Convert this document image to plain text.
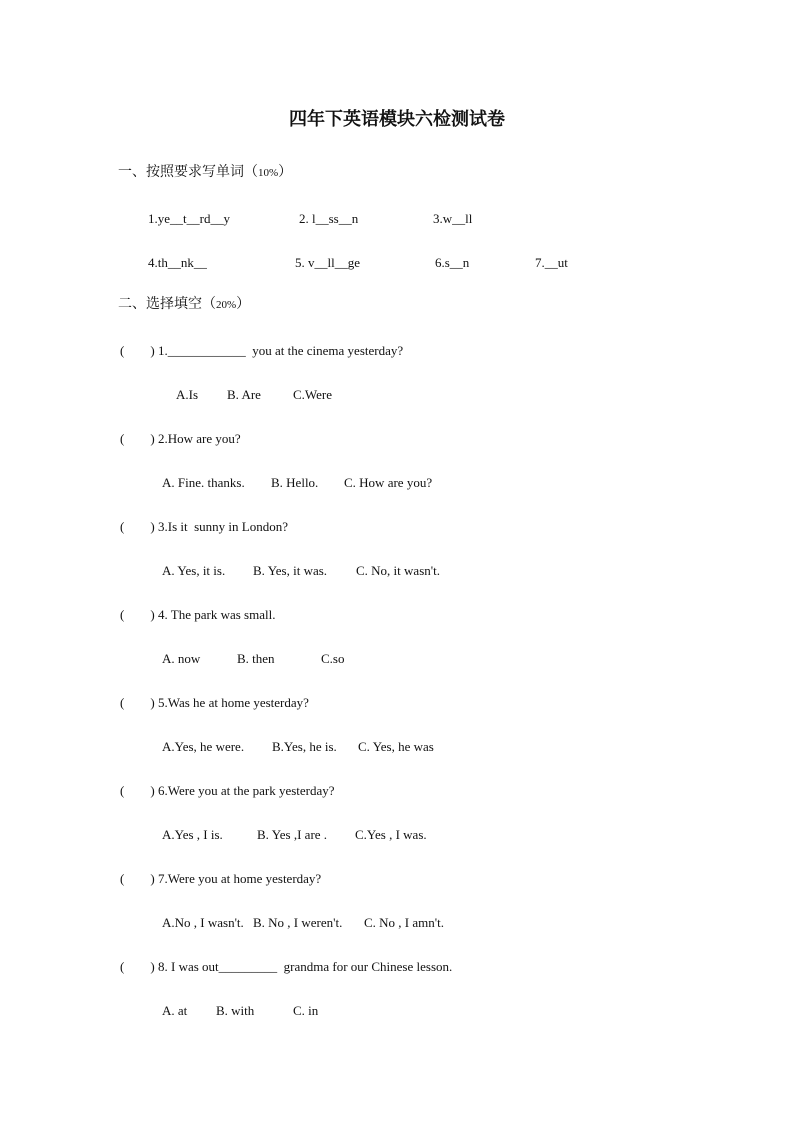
四年下英语模块六检测试卷
一、按照要求写单词（10%）
1.ye__t__rd__y	2. l__ss__n	3.w__ll
4.th__nk__	5. v__ll__ge	6.s__n	7.__ut
二、选择填空（20%）
(        ) 1.____________  you at the cinema yesterday?
A.Is B. Are C.Were
(        ) 2.How are you?
A. Fine. thanks. B. Hello. C. How are you?
(        ) 3.Is it  sunny in London?
A. Yes, it is. B. Yes, it was. C. No, it wasn't.
(        ) 4. The park was small.
A. now	B. then	C.so
(        ) 5.Was he at home yesterday?
A.Yes, he were. B.Yes, he is. C. Yes, he was
(        ) 6.Were you at the park yesterday?
A.Yes , I is.	B. Yes ,I are . C.Yes , I was.
(        ) 7.Were you at home yesterday?
A.No , I wasn't. B. No , I weren't. C. No , I amn't.
(        ) 8. I was out_________  grandma for our Chinese lesson.
A. at B. with	C. in
